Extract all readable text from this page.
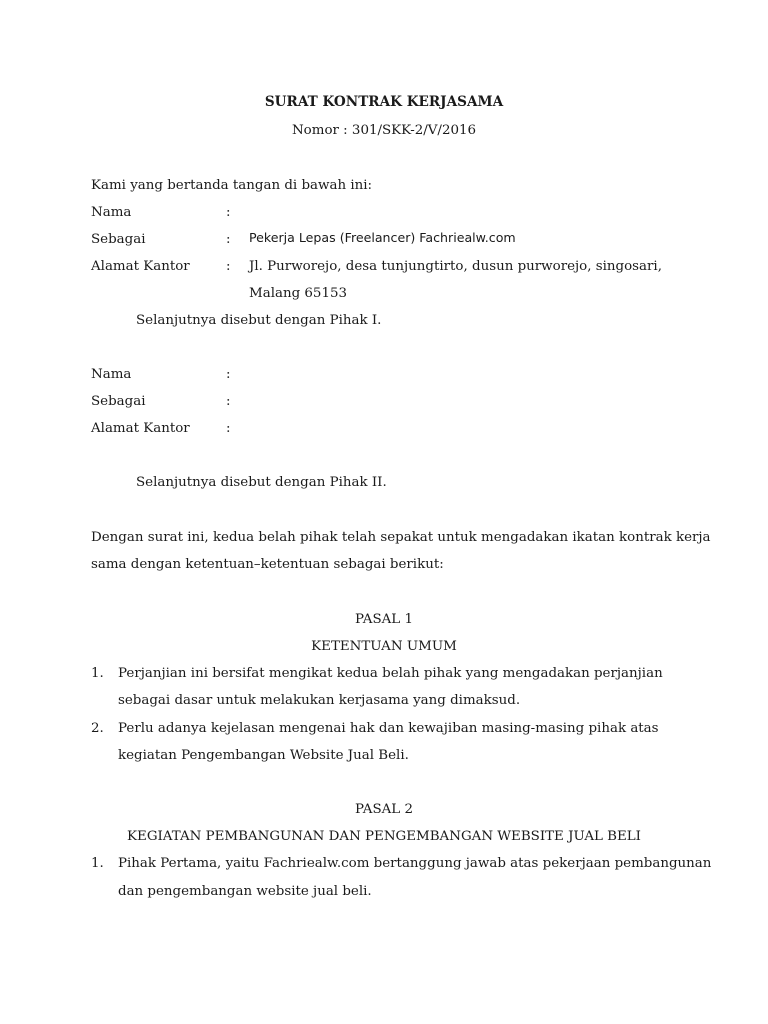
SURAT KONTRAK KERJASAMA
Nomor : 301/SKK-2/V/2016
Kami yang bertanda tangan di bawah ini:
Nama	:
Sebagai	: Pekerja Lepas (Freelancer) Fachriealw.com
Alamat Kantor	: Jl. Purworejo, desa tunjungtirto, dusun purworejo, singosari,
Malang 65153
Selanjutnya disebut dengan Pihak I.
Nama	:
Sebagai	:
Alamat Kantor	:
Selanjutnya disebut dengan Pihak II.
Dengan surat ini, kedua belah pihak telah sepakat untuk mengadakan ikatan kontrak kerja
sama dengan ketentuan–ketentuan sebagai berikut:
PASAL 1
KETENTUAN UMUM
1. Perjanjian ini bersifat mengikat kedua belah pihak yang mengadakan perjanjian
sebagai dasar untuk melakukan kerjasama yang dimaksud.
2. Perlu adanya kejelasan mengenai hak dan kewajiban masing-masing pihak atas
kegiatan Pengembangan Website Jual Beli.
PASAL 2
KEGIATAN PEMBANGUNAN DAN PENGEMBANGAN WEBSITE JUAL BELI
1. Pihak Pertama, yaitu Fachriealw.com bertanggung jawab atas pekerjaan pembangunan
dan pengembangan website jual beli.
